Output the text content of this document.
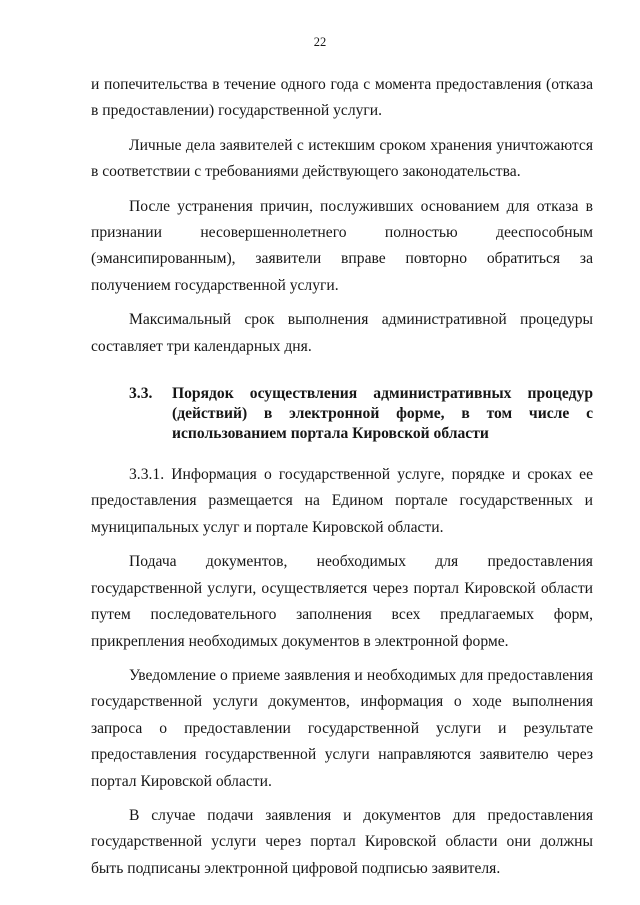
22

и попечительства в течение одного года с момента предоставления (отказа в предоставлении) государственной услуги.

Личные дела заявителей с истекшим сроком хранения уничтожаются в соответствии с требованиями действующего законодательства.

После устранения причин, послуживших основанием для отказа в признании несовершеннолетнего полностью дееспособным (эмансипированным), заявители вправе повторно обратиться за получением государственной услуги.

Максимальный срок выполнения административной процедуры составляет три календарных дня.

3.3.	Порядок осуществления административных процедур (действий) в электронной форме, в том числе с использованием портала Кировской области

3.3.1. Информация о государственной услуге, порядке и сроках ее предоставления размещается на Едином портале государственных и муниципальных услуг и портале Кировской области.

Подача документов, необходимых для предоставления государственной услуги, осуществляется через портал Кировской области путем последовательного заполнения всех предлагаемых форм, прикрепления необходимых документов в электронной форме.

Уведомление о приеме заявления и необходимых для предоставления государственной услуги документов, информация о ходе выполнения запроса о предоставлении государственной услуги и результате предоставления государственной услуги направляются заявителю через портал Кировской области.

В случае подачи заявления и документов для предоставления государственной услуги через портал Кировской области они должны быть подписаны электронной цифровой подписью заявителя.
